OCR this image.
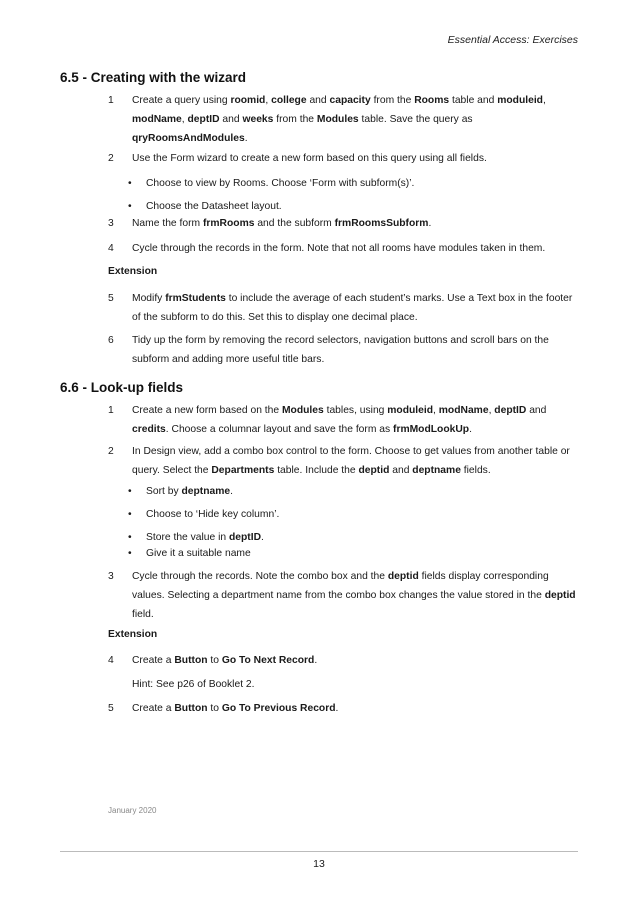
Essential Access: Exercises
6.5 - Creating with the wizard
1	Create a query using roomid, college and capacity from the Rooms table and moduleid, modName, deptID and weeks from the Modules table. Save the query as qryRoomsAndModules.
2	Use the Form wizard to create a new form based on this query using all fields.
• Choose to view by Rooms. Choose ‘Form with subform(s)’.
• Choose the Datasheet layout.
3	Name the form frmRooms and the subform frmRoomsSubform.
4	Cycle through the records in the form. Note that not all rooms have modules taken in them.
Extension
5	Modify frmStudents to include the average of each student’s marks. Use a Text box in the footer of the subform to do this. Set this to display one decimal place.
6	Tidy up the form by removing the record selectors, navigation buttons and scroll bars on the subform and adding more useful title bars.
6.6 - Look-up fields
1	Create a new form based on the Modules tables, using moduleid, modName, deptID and credits. Choose a columnar layout and save the form as frmModLookUp.
2	In Design view, add a combo box control to the form. Choose to get values from another table or query. Select the Departments table. Include the deptid and deptname fields.
• Sort by deptname.
• Choose to ‘Hide key column’.
• Store the value in deptID.
• Give it a suitable name
3	Cycle through the records. Note the combo box and the deptid fields display corresponding values. Selecting a department name from the combo box changes the value stored in the deptid field.
Extension
4	Create a Button to Go To Next Record.
Hint: See p26 of Booklet 2.
5	Create a Button to Go To Previous Record.
January 2020
13
